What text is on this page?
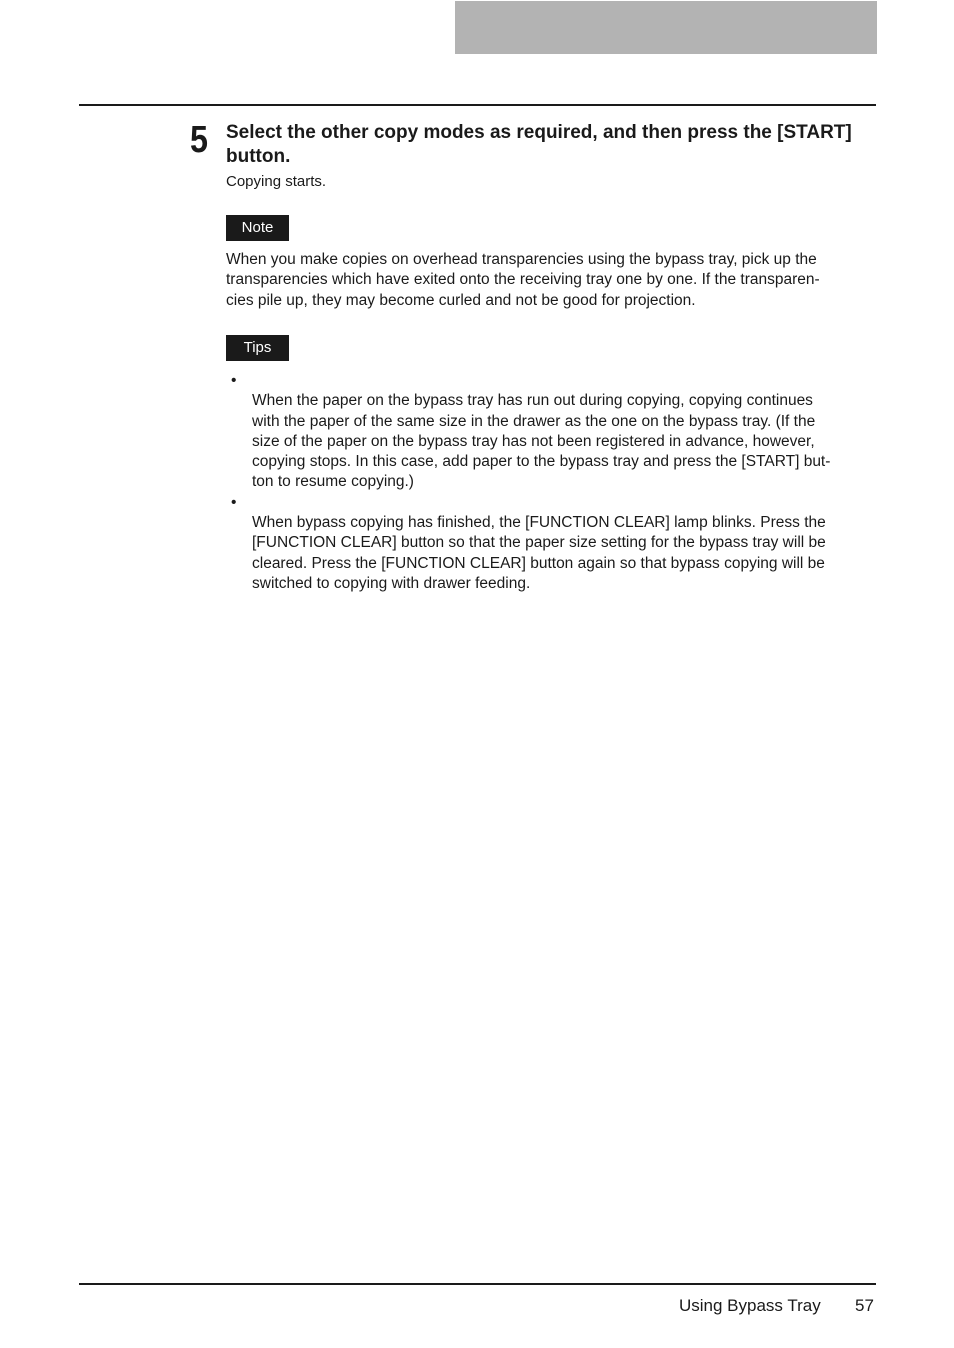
5 Select the other copy modes as required, and then press the [START] button.
Copying starts.
Note
When you make copies on overhead transparencies using the bypass tray, pick up the
transparencies which have exited onto the receiving tray one by one. If the transparen-
cies pile up, they may become curled and not be good for projection.
Tips

•
When the paper on the bypass tray has run out during copying, copying continues
with the paper of the same size in the drawer as the one on the bypass tray. (If the
size of the paper on the bypass tray has not been registered in advance, however,
copying stops. In this case, add paper to the bypass tray and press the [START] but-
ton to resume copying.)

•
When bypass copying has finished, the [FUNCTION CLEAR] lamp blinks. Press the
[FUNCTION CLEAR] button so that the paper size setting for the bypass tray will be
cleared. Press the [FUNCTION CLEAR] button again so that bypass copying will be
switched to copying with drawer feeding.

Using Bypass Tray 57
